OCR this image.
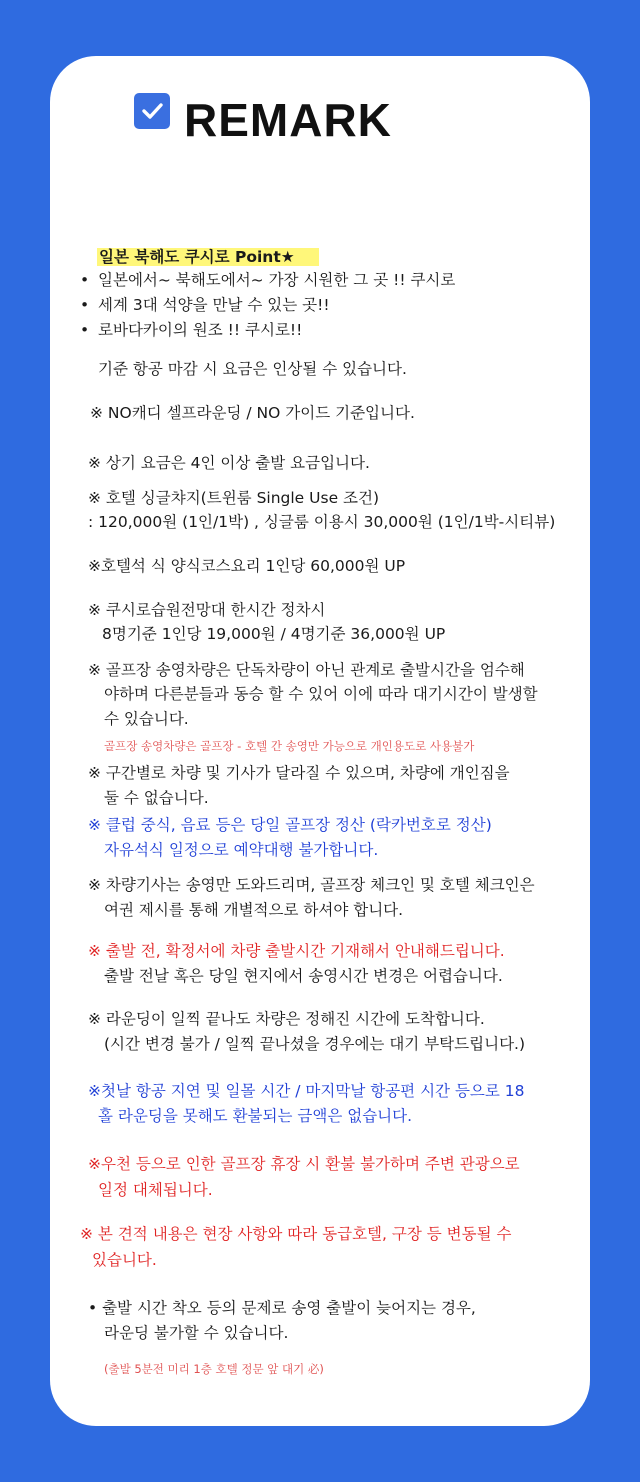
REMARK
일본 북해도 쿠시로 Point★
• 일본에서~ 북해도에서~ 가장 시원한 그 곳 !! 쿠시로
• 세계 3대 석양을 만날 수 있는 곳!!
• 로바다카이의 원조 !! 쿠시로!!
기준 항공 마감 시 요금은 인상될 수 있습니다.
※ NO캐디 셀프라운딩 / NO 가이드 기준입니다.
※ 상기 요금은 4인 이상 출발 요금입니다.
※ 호텔 싱글챠지(트윈룸 Single Use 조건)
: 120,000원 (1인/1박) , 싱글룸 이용시 30,000원 (1인/1박-시티뷰)
※호텔석 식 양식코스요리 1인당 60,000원 UP
※ 쿠시로습원전망대 한시간 정차시
8명기준 1인당 19,000원 / 4명기준 36,000원 UP
※ 골프장 송영차량은 단독차량이 아닌 관계로 출발시간을 엄수해
야하며 다른분들과 동승 할 수 있어 이에 따라 대기시간이 발생할
수 있습니다.
골프장 송영차량은 골프장 - 호텔 간 송영만 가능으로 개인용도로 사용불가
※ 구간별로 차량 및 기사가 달라질 수 있으며, 차량에 개인짐을
둘 수 없습니다.
※ 클럽 중식, 음료 등은 당일 골프장 정산 (락카번호로 정산)
자유석식 일정으로 예약대행 불가합니다.
※ 차량기사는 송영만 도와드리며, 골프장 체크인 및 호텔 체크인은
여권 제시를 통해 개별적으로 하셔야 합니다.
※ 출발 전, 확정서에 차량 출발시간 기재해서 안내해드립니다.
출발 전날 혹은 당일 현지에서 송영시간 변경은 어렵습니다.
※ 라운딩이 일찍 끝나도 차량은 정해진 시간에 도착합니다.
(시간 변경 불가 / 일찍 끝나셨을 경우에는 대기 부탁드립니다.)
※첫날 항공 지연 및 일몰 시간 / 마지막날 항공편 시간 등으로 18
홀 라운딩을 못해도 환불되는 금액은 없습니다.
※우천 등으로 인한 골프장 휴장 시 환불 불가하며 주변 관광으로
일정 대체됩니다.
※ 본 견적 내용은 현장 사항와 따라 동급호텔, 구장 등 변동될 수
있습니다.
• 출발 시간 착오 등의 문제로 송영 출발이 늦어지는 경우,
라운딩 불가할 수 있습니다.
(출발 5분전 미리 1층 호텔 정문 앞 대기 必)
